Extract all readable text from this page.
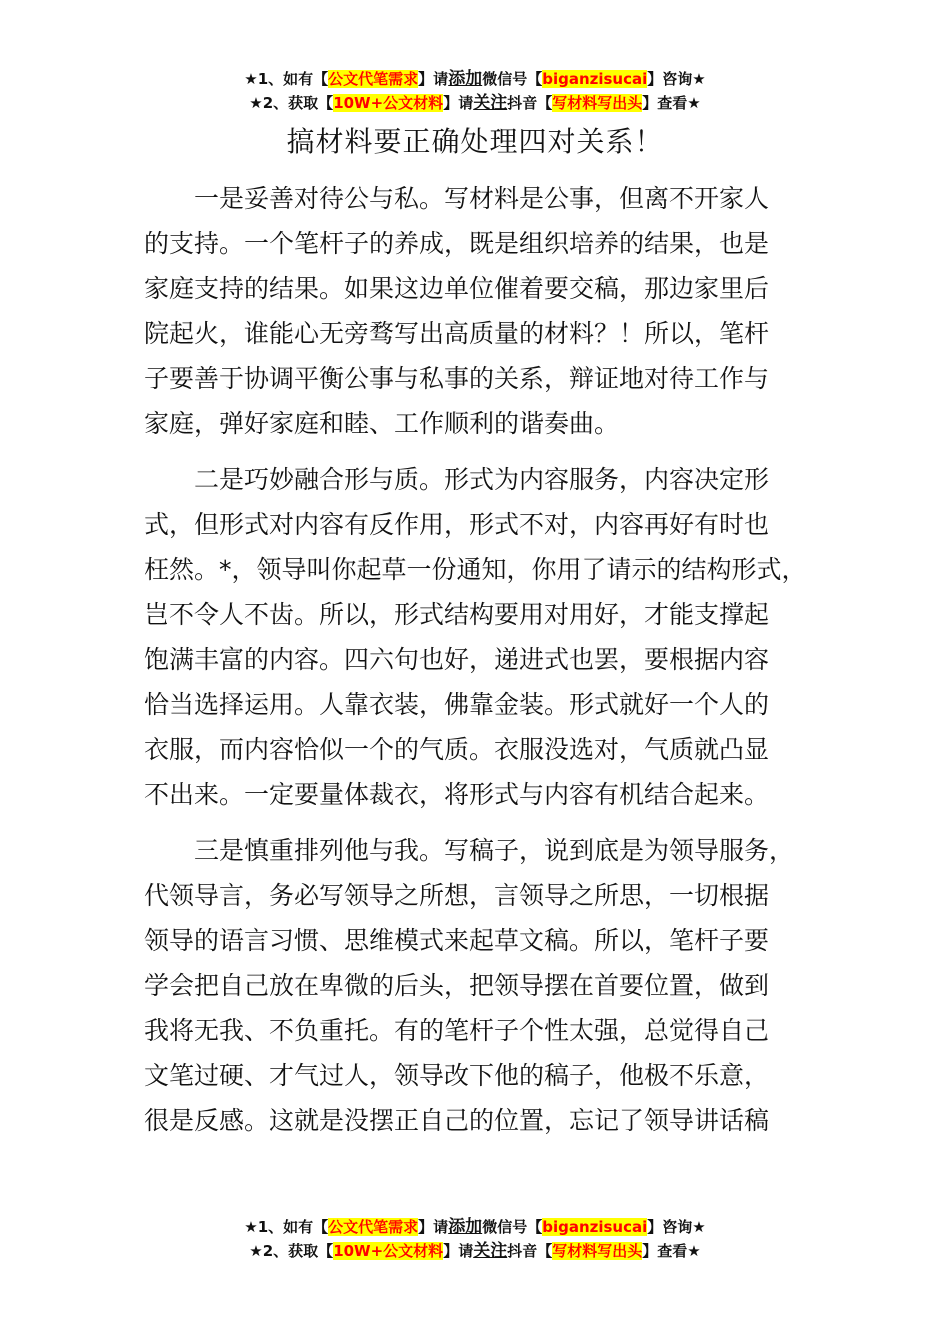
★1、如有【公文代笔需求】请添加微信号【biganzisucai】咨询★
★2、获取【10W+公文材料】请关注抖音【写材料写出头】查看★
搞材料要正确处理四对关系！
一是妥善对待公与私。写材料是公事，但离不开家人
的支持。一个笔杆子的养成，既是组织培养的结果，也是
家庭支持的结果。如果这边单位催着要交稿，那边家里后
院起火，谁能心无旁骛写出高质量的材料？！所以，笔杆
子要善于协调平衡公事与私事的关系，辩证地对待工作与
家庭，弹好家庭和睦、工作顺利的谐奏曲。
二是巧妙融合形与质。形式为内容服务，内容决定形
式，但形式对内容有反作用，形式不对，内容再好有时也
枉然。*，领导叫你起草一份通知，你用了请示的结构形式，
岂不令人不齿。所以，形式结构要用对用好，才能支撑起
饱满丰富的内容。四六句也好，递进式也罢，要根据内容
恰当选择运用。人靠衣装，佛靠金装。形式就好一个人的
衣服，而内容恰似一个的气质。衣服没选对，气质就凸显
不出来。一定要量体裁衣，将形式与内容有机结合起来。
三是慎重排列他与我。写稿子，说到底是为领导服务，
代领导言，务必写领导之所想，言领导之所思，一切根据
领导的语言习惯、思维模式来起草文稿。所以，笔杆子要
学会把自己放在卑微的后头，把领导摆在首要位置，做到
我将无我、不负重托。有的笔杆子个性太强，总觉得自己
文笔过硬、才气过人，领导改下他的稿子，他极不乐意，
很是反感。这就是没摆正自己的位置，忘记了领导讲话稿
★1、如有【公文代笔需求】请添加微信号【biganzisucai】咨询★
★2、获取【10W+公文材料】请关注抖音【写材料写出头】查看★
